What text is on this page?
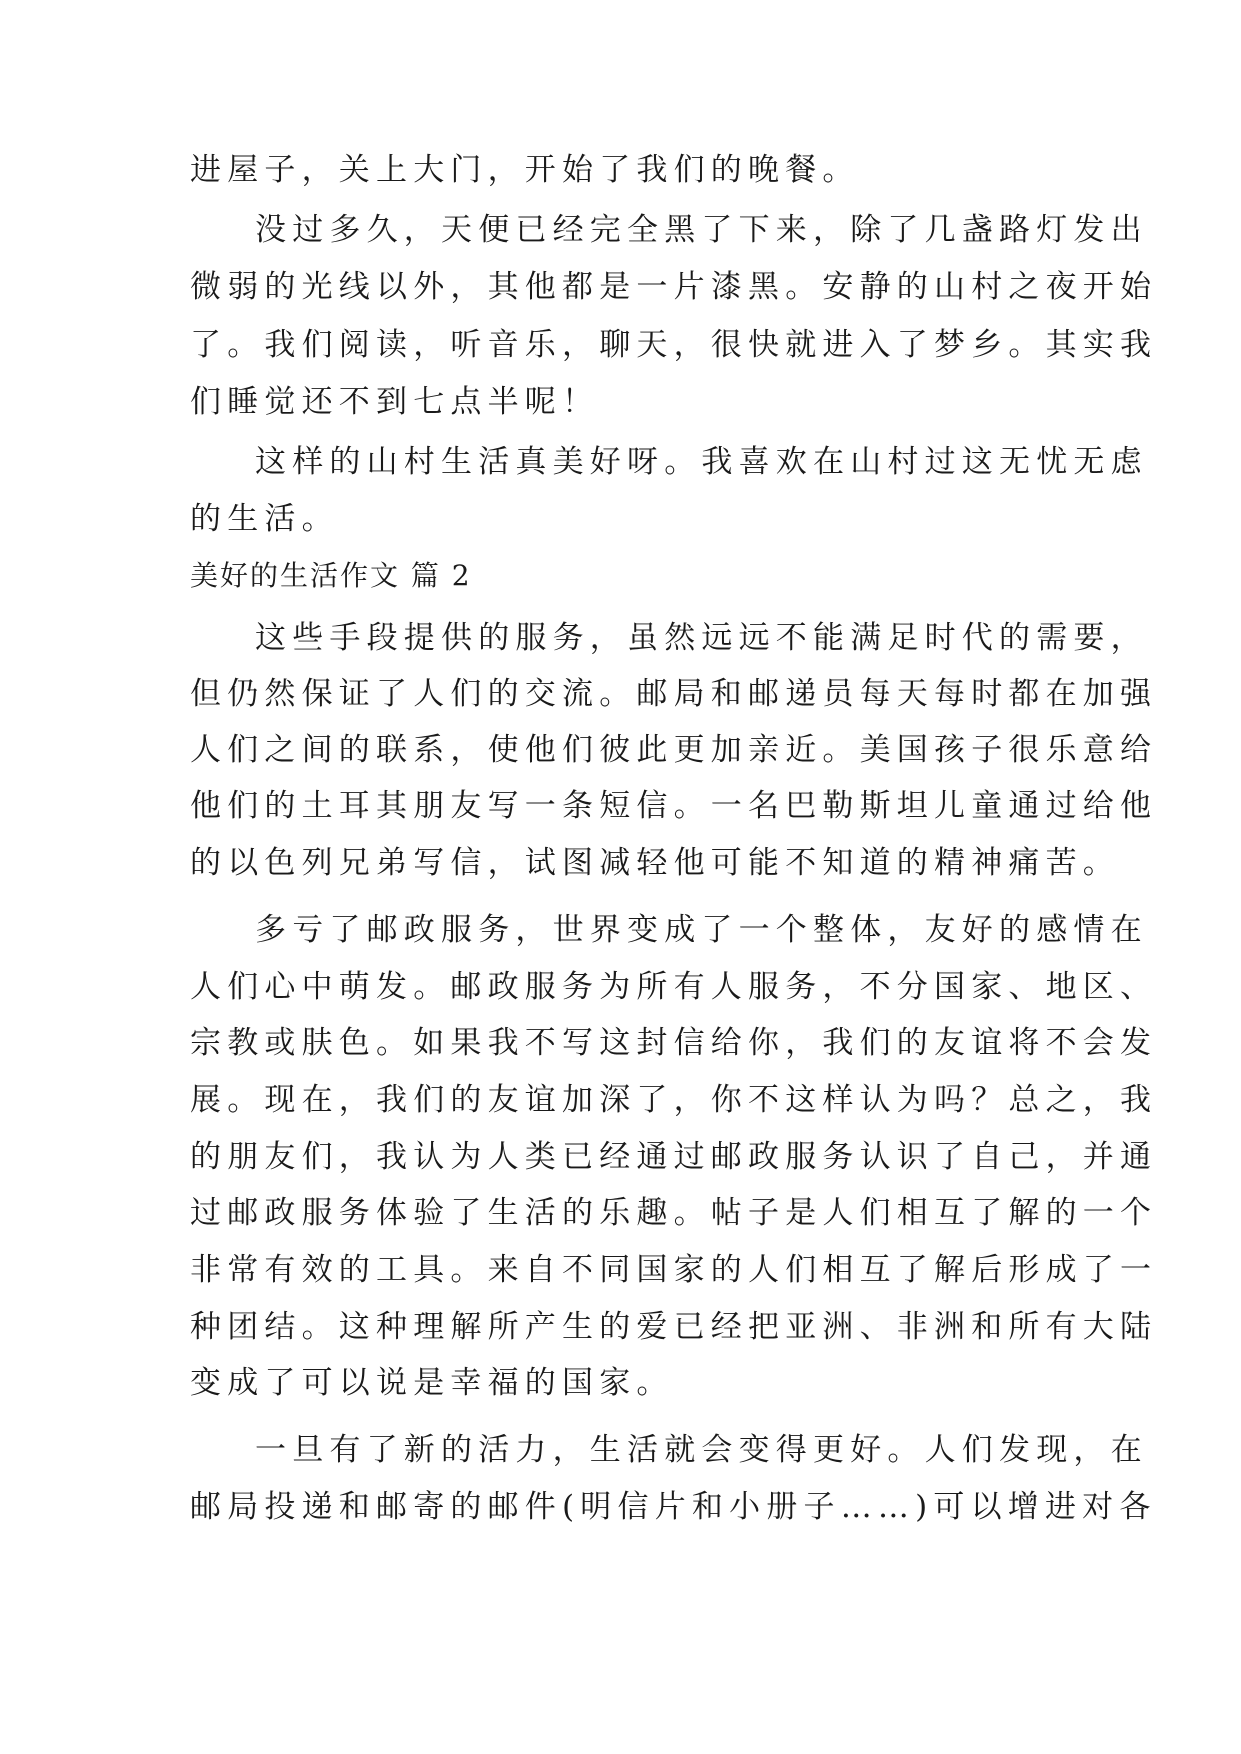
进屋子，关上大门，开始了我们的晚餐。
没过多久，天便已经完全黑了下来，除了几盏路灯发出
微弱的光线以外，其他都是一片漆黑。安静的山村之夜开始
了。我们阅读，听音乐，聊天，很快就进入了梦乡。其实我
们睡觉还不到七点半呢！
这样的山村生活真美好呀。我喜欢在山村过这无忧无虑
的生活。
美好的生活作文 篇 2
这些手段提供的服务，虽然远远不能满足时代的需要，
但仍然保证了人们的交流。邮局和邮递员每天每时都在加强
人们之间的联系，使他们彼此更加亲近。美国孩子很乐意给
他们的土耳其朋友写一条短信。一名巴勒斯坦儿童通过给他
的以色列兄弟写信，试图减轻他可能不知道的精神痛苦。
多亏了邮政服务，世界变成了一个整体，友好的感情在
人们心中萌发。邮政服务为所有人服务，不分国家、地区、
宗教或肤色。如果我不写这封信给你，我们的友谊将不会发
展。现在，我们的友谊加深了，你不这样认为吗？总之，我
的朋友们，我认为人类已经通过邮政服务认识了自己，并通
过邮政服务体验了生活的乐趣。帖子是人们相互了解的一个
非常有效的工具。来自不同国家的人们相互了解后形成了一
种团结。这种理解所产生的爱已经把亚洲、非洲和所有大陆
变成了可以说是幸福的国家。
一旦有了新的活力，生活就会变得更好。人们发现，在
邮局投递和邮寄的邮件(明信片和小册子……)可以增进对各
